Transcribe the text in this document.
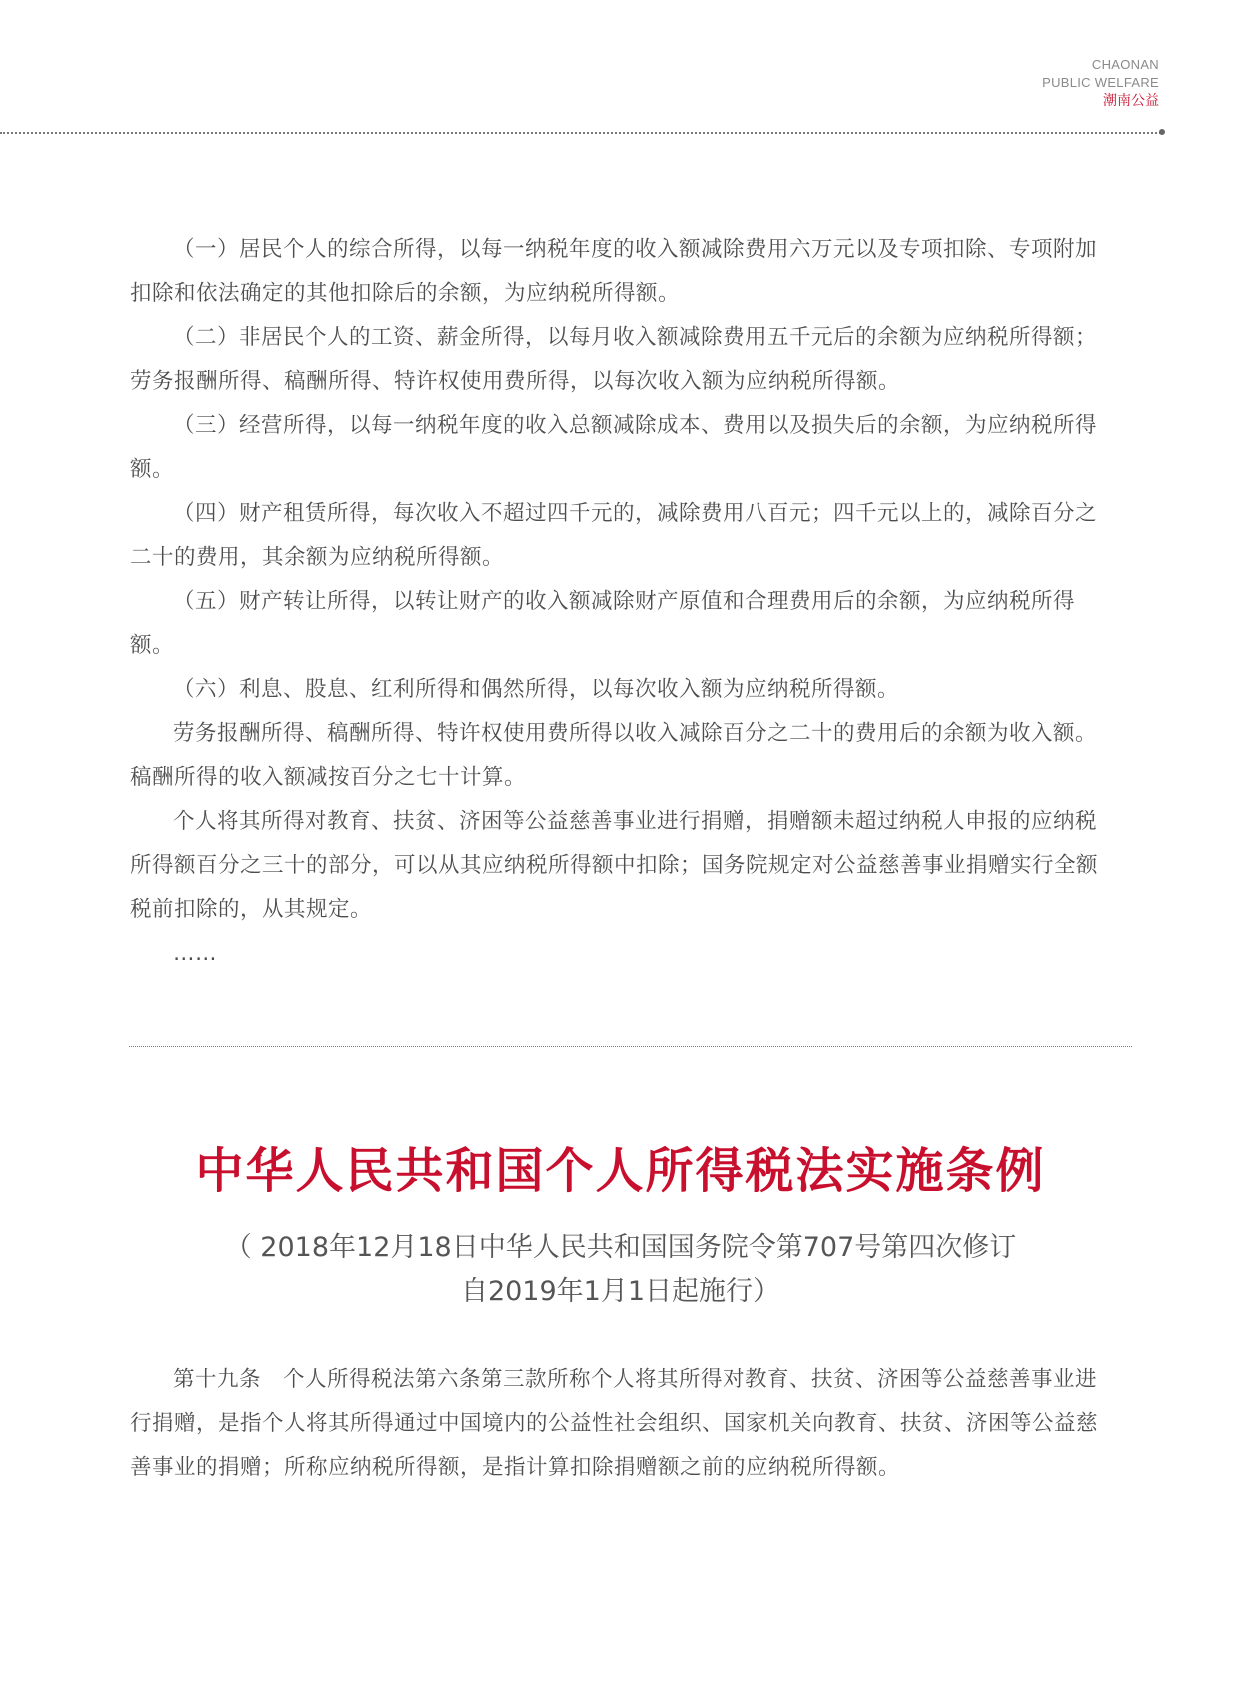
CHAONAN
PUBLIC WELFARE
潮南公益

（一）居民个人的综合所得，以每一纳税年度的收入额减除费用六万元以及专项扣除、专项附加扣除和依法确定的其他扣除后的余额，为应纳税所得额。

（二）非居民个人的工资、薪金所得，以每月收入额减除费用五千元后的余额为应纳税所得额；劳务报酬所得、稿酬所得、特许权使用费所得，以每次收入额为应纳税所得额。

（三）经营所得，以每一纳税年度的收入总额减除成本、费用以及损失后的余额，为应纳税所得额。

（四）财产租赁所得，每次收入不超过四千元的，减除费用八百元；四千元以上的，减除百分之二十的费用，其余额为应纳税所得额。

（五）财产转让所得，以转让财产的收入额减除财产原值和合理费用后的余额，为应纳税所得额。

（六）利息、股息、红利所得和偶然所得，以每次收入额为应纳税所得额。

劳务报酬所得、稿酬所得、特许权使用费所得以收入减除百分之二十的费用后的余额为收入额。稿酬所得的收入额减按百分之七十计算。

个人将其所得对教育、扶贫、济困等公益慈善事业进行捐赠，捐赠额未超过纳税人申报的应纳税所得额百分之三十的部分，可以从其应纳税所得额中扣除；国务院规定对公益慈善事业捐赠实行全额税前扣除的，从其规定。

……

中华人民共和国个人所得税法实施条例
（ 2018年12月18日中华人民共和国国务院令第707号第四次修订
自2019年1月1日起施行）

第十九条　个人所得税法第六条第三款所称个人将其所得对教育、扶贫、济困等公益慈善事业进行捐赠，是指个人将其所得通过中国境内的公益性社会组织、国家机关向教育、扶贫、济困等公益慈善事业的捐赠；所称应纳税所得额，是指计算扣除捐赠额之前的应纳税所得额。
